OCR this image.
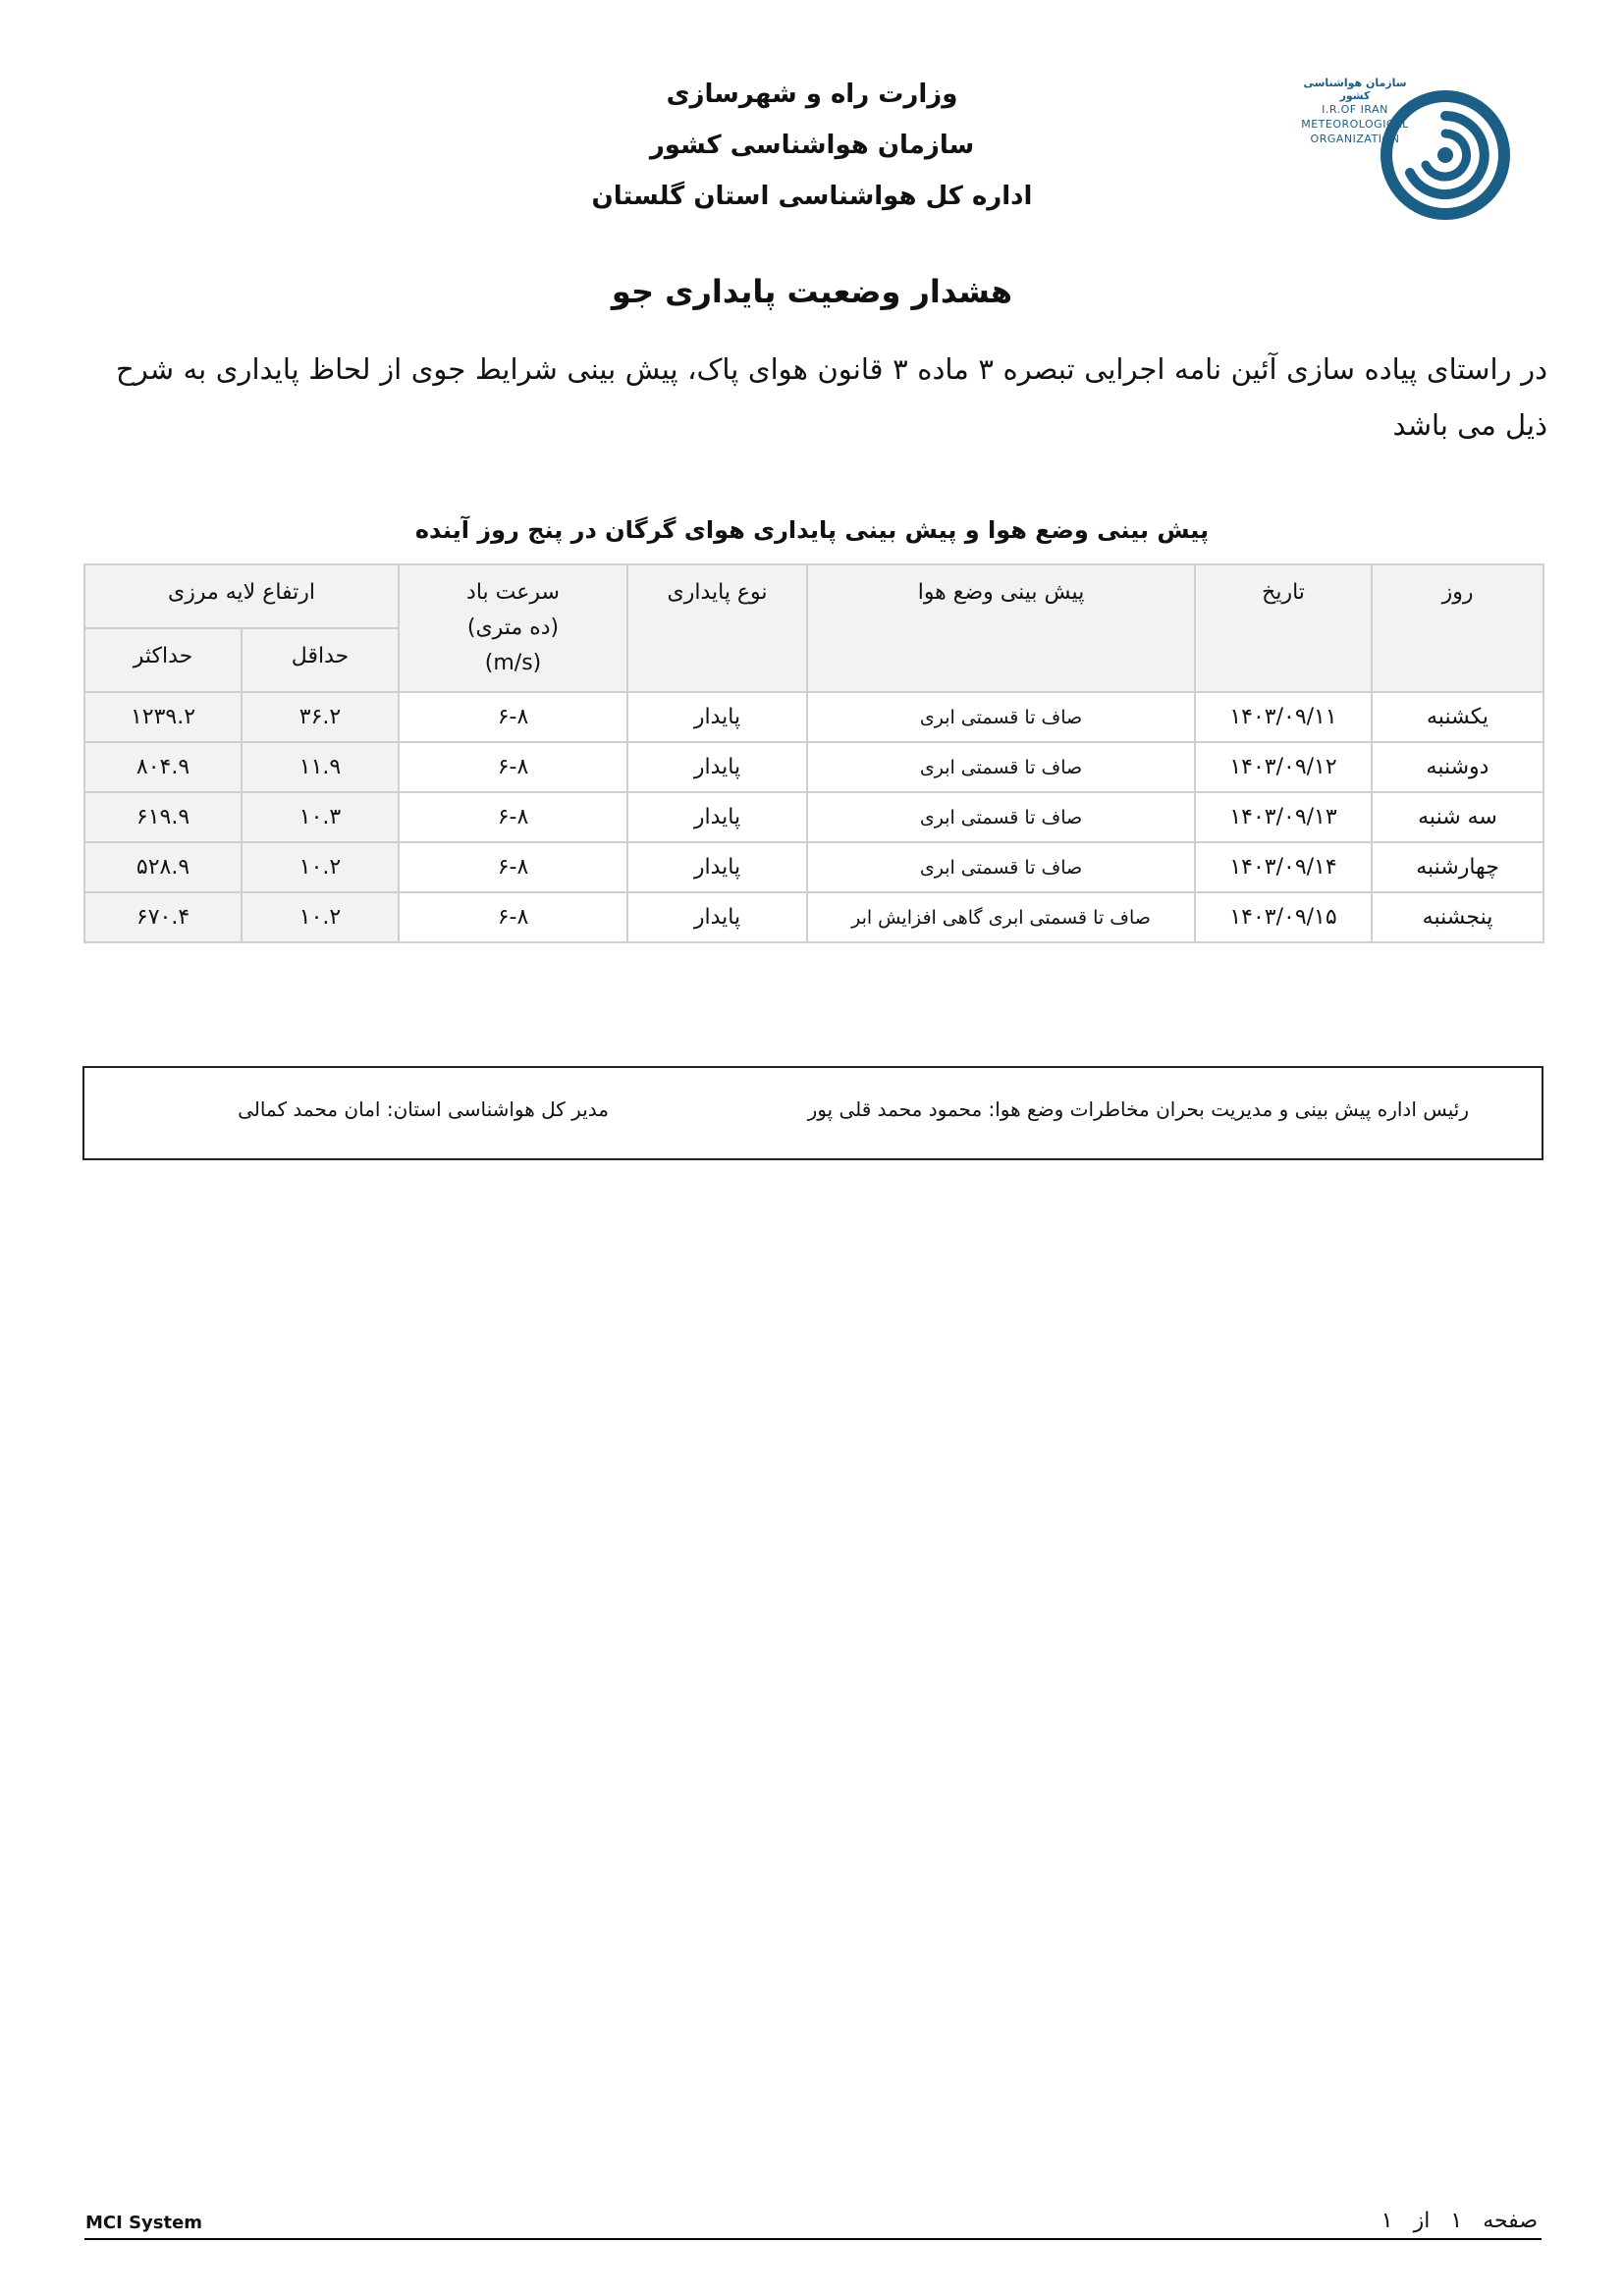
سازمان هواشناسی کشور
I.R.OF IRAN
METEOROLOGICAL
ORGANIZATION
وزارت راه و شهرسازی
سازمان هواشناسی کشور
اداره کل هواشناسی استان گلستان
هشدار وضعیت پایداری جو
در راستای پیاده سازی آئین نامه اجرایی تبصره ۳ ماده ۳ قانون هوای پاک، پیش بینی شرایط جوی از لحاظ پایداری به شرح ذیل می باشد
پیش بینی وضع هوا و پیش بینی پایداری هوای گرگان در پنج روز آینده
روز	تاریخ	پیش بینی وضع هوا	نوع پایداری	سرعت باد
(ده متری)
(m/s)	ارتفاع لایه مرزی	
					حداقل	حداکثر
یکشنبه	۱۴۰۳/۰۹/۱۱	صاف تا قسمتی ابری	پایدار	۶-۸	۳۶.۲	۱۲۳۹.۲
دوشنبه	۱۴۰۳/۰۹/۱۲	صاف تا قسمتی ابری	پایدار	۶-۸	۱۱.۹	۸۰۴.۹
سه شنبه	۱۴۰۳/۰۹/۱۳	صاف تا قسمتی ابری	پایدار	۶-۸	۱۰.۳	۶۱۹.۹
چهارشنبه	۱۴۰۳/۰۹/۱۴	صاف تا قسمتی ابری	پایدار	۶-۸	۱۰.۲	۵۲۸.۹
پنجشنبه	۱۴۰۳/۰۹/۱۵	صاف تا قسمتی ابری گاهی افزایش ابر	پایدار	۶-۸	۱۰.۲	۶۷۰.۴
رئیس اداره پیش بینی و مدیریت بحران مخاطرات وضع هوا: محمود محمد قلی پور
مدیر کل هواشناسی استان: امان محمد کمالی
MCI System	صفحه ۱ از ۱
